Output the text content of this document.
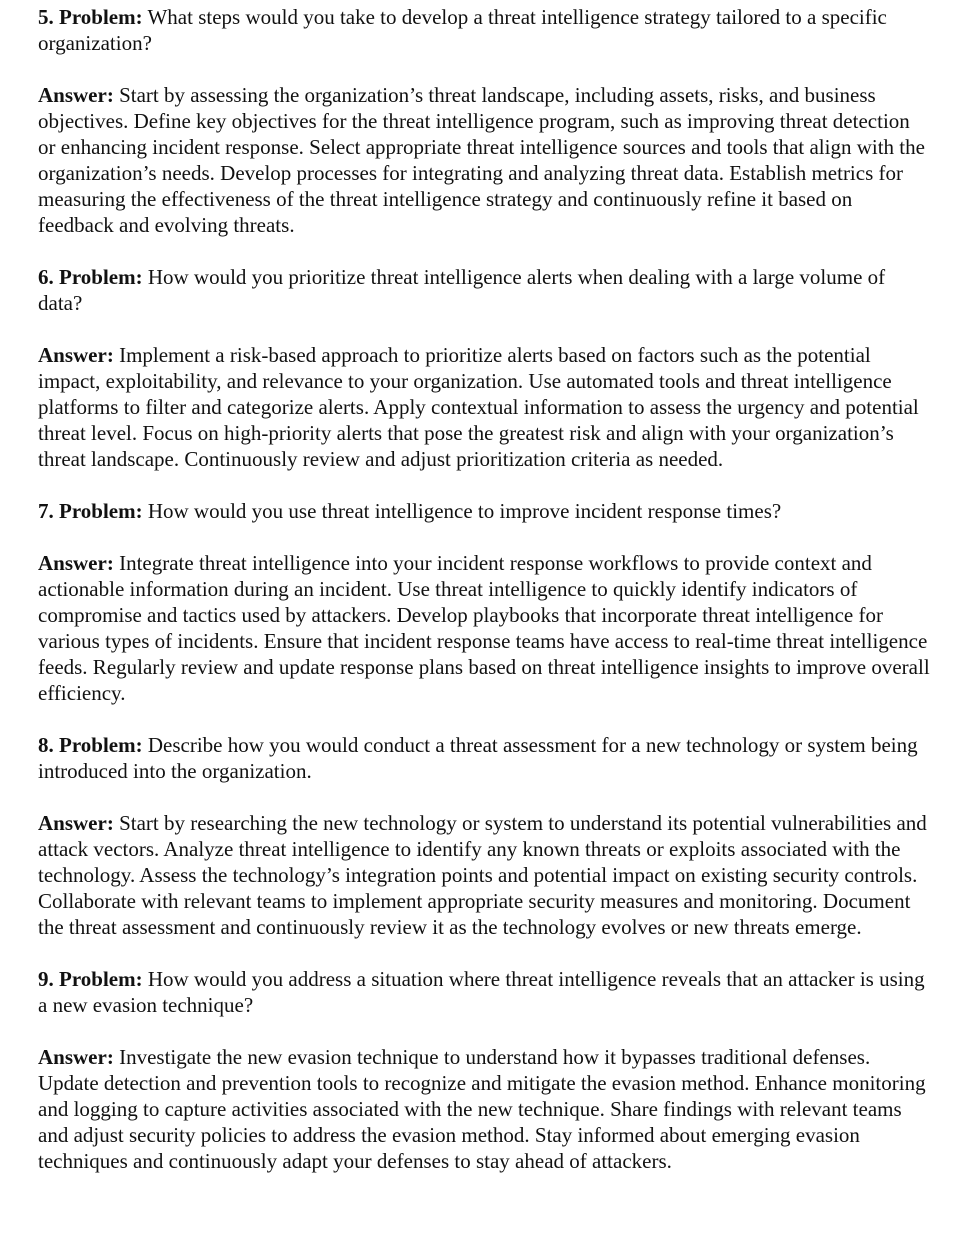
5. Problem: What steps would you take to develop a threat intelligence strategy tailored to a specific organization?

Answer: Start by assessing the organization’s threat landscape, including assets, risks, and business objectives. Define key objectives for the threat intelligence program, such as improving threat detection or enhancing incident response. Select appropriate threat intelligence sources and tools that align with the organization’s needs. Develop processes for integrating and analyzing threat data. Establish metrics for measuring the effectiveness of the threat intelligence strategy and continuously refine it based on feedback and evolving threats.

6. Problem: How would you prioritize threat intelligence alerts when dealing with a large volume of data?

Answer: Implement a risk-based approach to prioritize alerts based on factors such as the potential impact, exploitability, and relevance to your organization. Use automated tools and threat intelligence platforms to filter and categorize alerts. Apply contextual information to assess the urgency and potential threat level. Focus on high-priority alerts that pose the greatest risk and align with your organization’s threat landscape. Continuously review and adjust prioritization criteria as needed.

7. Problem: How would you use threat intelligence to improve incident response times?

Answer: Integrate threat intelligence into your incident response workflows to provide context and actionable information during an incident. Use threat intelligence to quickly identify indicators of compromise and tactics used by attackers. Develop playbooks that incorporate threat intelligence for various types of incidents. Ensure that incident response teams have access to real-time threat intelligence feeds. Regularly review and update response plans based on threat intelligence insights to improve overall efficiency.

8. Problem: Describe how you would conduct a threat assessment for a new technology or system being introduced into the organization.

Answer: Start by researching the new technology or system to understand its potential vulnerabilities and attack vectors. Analyze threat intelligence to identify any known threats or exploits associated with the technology. Assess the technology’s integration points and potential impact on existing security controls. Collaborate with relevant teams to implement appropriate security measures and monitoring. Document the threat assessment and continuously review it as the technology evolves or new threats emerge.

9. Problem: How would you address a situation where threat intelligence reveals that an attacker is using a new evasion technique?

Answer: Investigate the new evasion technique to understand how it bypasses traditional defenses. Update detection and prevention tools to recognize and mitigate the evasion method. Enhance monitoring and logging to capture activities associated with the new technique. Share findings with relevant teams and adjust security policies to address the evasion method. Stay informed about emerging evasion techniques and continuously adapt your defenses to stay ahead of attackers.
